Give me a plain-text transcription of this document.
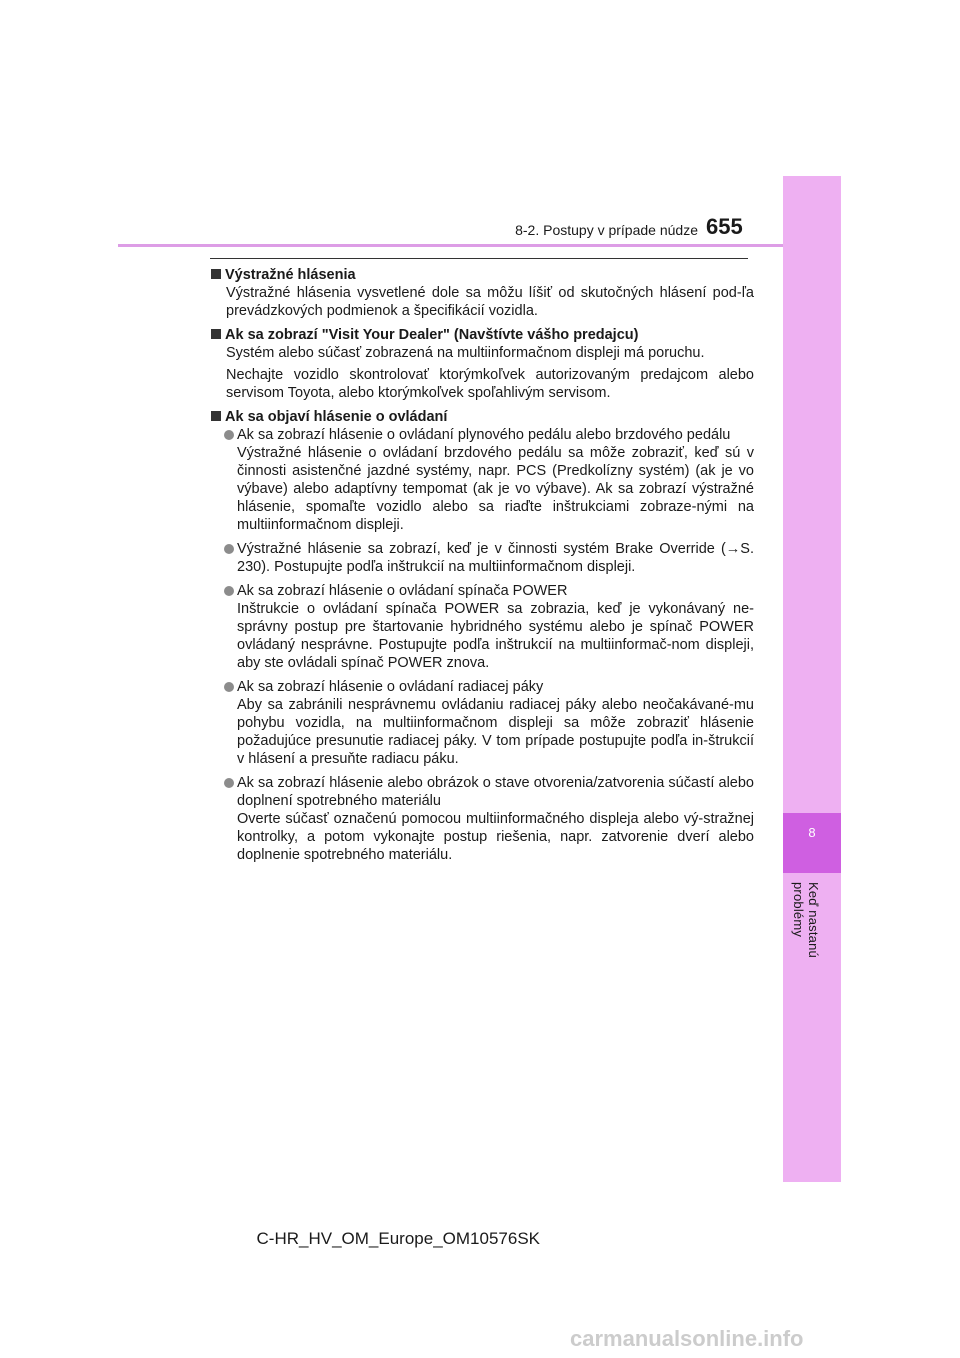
8
Keď nastanú problémy
8-2. Postupy v prípade núdze 655

Výstražné hlásenia

Výstražné hlásenia vysvetlené dole sa môžu líšiť od skutočných hlásení pod-ľa prevádzkových podmienok a špecifikácií vozidla.

Ak sa zobrazí "Visit Your Dealer" (Navštívte vášho predajcu)

Systém alebo súčasť zobrazená na multiinformačnom displeji má poruchu.

Nechajte vozidlo skontrolovať ktorýmkoľvek autorizovaným predajcom alebo servisom Toyota, alebo ktorýmkoľvek spoľahlivým servisom.

Ak sa objaví hlásenie o ovládaní

Ak sa zobrazí hlásenie o ovládaní plynového pedálu alebo brzdového pedálu
Výstražné hlásenie o ovládaní brzdového pedálu sa môže zobraziť, keď sú v činnosti asistenčné jazdné systémy, napr. PCS (Predkolízny systém) (ak je vo výbave) alebo adaptívny tempomat (ak je vo výbave). Ak sa zobrazí výstražné hlásenie, spomaľte vozidlo alebo sa riaďte inštrukciami zobraze-nými na multiinformačnom displeji.
Výstražné hlásenie sa zobrazí, keď je v činnosti systém Brake Override (→S. 230). Postupujte podľa inštrukcií na multiinformačnom displeji.
Ak sa zobrazí hlásenie o ovládaní spínača POWER
Inštrukcie o ovládaní spínača POWER sa zobrazia, keď je vykonávaný ne-správny postup pre štartovanie hybridného systému alebo je spínač POWER ovládaný nesprávne. Postupujte podľa inštrukcií na multiinformač-nom displeji, aby ste ovládali spínač POWER znova.
Ak sa zobrazí hlásenie o ovládaní radiacej páky
Aby sa zabránili nesprávnemu ovládaniu radiacej páky alebo neočakávané-mu pohybu vozidla, na multiinformačnom displeji sa môže zobraziť hlásenie požadujúce presunutie radiacej páky. V tom prípade postupujte podľa in-štrukcií v hlásení a presuňte radiacu páku.
Ak sa zobrazí hlásenie alebo obrázok o stave otvorenia/zatvorenia súčastí alebo doplnení spotrebného materiálu
Overte súčasť označenú pomocou multiinformačného displeja alebo vý-stražnej kontrolky, a potom vykonajte postup riešenia, napr. zatvorenie dverí alebo doplnenie spotrebného materiálu.
C-HR_HV_OM_Europe_OM10576SK
carmanualsonline.info
